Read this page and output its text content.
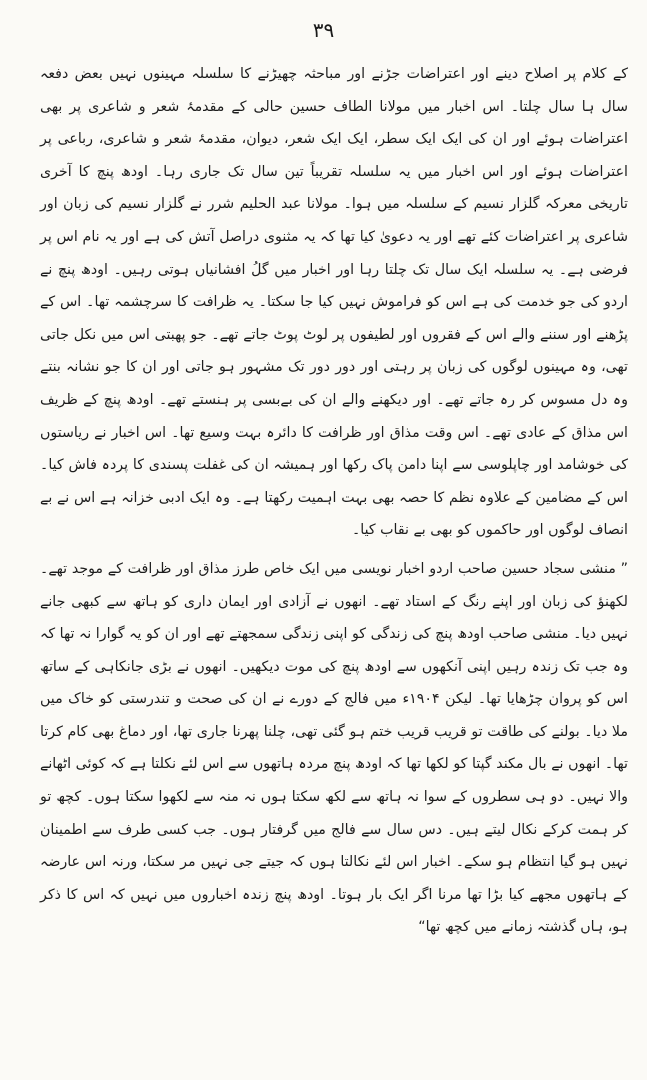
۳۹

کے کلام پر اصلاح دینے اور اعتراضات جڑنے اور مباحثہ چھیڑنے کا سلسلہ مہینوں نہیں بعض دفعہ سال ہا سال چلتا۔ اس اخبار میں مولانا الطاف حسین حالی کے مقدمۂ شعر و شاعری پر بھی اعتراضات ہوئے اور ان کی ایک ایک سطر، ایک ایک شعر، دیوان، مقدمۂ شعر و شاعری، رباعی پر اعتراضات ہوئے اور اس اخبار میں یہ سلسلہ تقریباً تین سال تک جاری رہا۔ اودھ پنچ کا آخری تاریخی معرکہ گلزار نسیم کے سلسلہ میں ہوا۔ مولانا عبد الحلیم شرر نے گلزار نسیم کی زبان اور شاعری پر اعتراضات کئے تھے اور یہ دعویٰ کیا تھا کہ یہ مثنوی دراصل آتش کی ہے اور یہ نام اس پر فرضی ہے۔ یہ سلسلہ ایک سال تک چلتا رہا اور اخبار میں گلُ افشانیاں ہوتی رہیں۔ اودھ پنچ نے اردو کی جو خدمت کی ہے اس کو فراموش نہیں کیا جا سکتا۔ یہ ظرافت کا سرچشمہ تھا۔ اس کے پڑھنے اور سننے والے اس کے فقروں اور لطیفوں پر لوٹ پوٹ جاتے تھے۔ جو پھبتی اس میں نکل جاتی تھی، وہ مہینوں لوگوں کی زبان پر رہتی اور دور دور تک مشہور ہو جاتی اور ان کا جو نشانہ بنتے وہ دل مسوس کر رہ جاتے تھے۔ اور دیکھنے والے ان کی بےبسی پر ہنستے تھے۔ اودھ پنچ کے ظریف اس مذاق کے عادی تھے۔ اس وقت مذاق اور ظرافت کا دائرہ بہت وسیع تھا۔ اس اخبار نے ریاستوں کی خوشامد اور چاپلوسی سے اپنا دامن پاک رکھا اور ہمیشہ ان کی غفلت پسندی کا پردہ فاش کیا۔ اس کے مضامین کے علاوہ نظم کا حصہ بھی بہت اہمیت رکھتا ہے۔ وہ ایک ادبی خزانہ ہے اس نے بے انصاف لوگوں اور حاکموں کو بھی بے نقاب کیا۔

” منشی سجاد حسین صاحب اردو اخبار نویسی میں ایک خاص طرز مذاق اور ظرافت کے موجد تھے۔ لکھنؤ کی زبان اور اپنے رنگ کے استاد تھے۔ انھوں نے آزادی اور ایمان داری کو ہاتھ سے کبھی جانے نہیں دیا۔ منشی صاحب اودھ پنچ کی زندگی کو اپنی زندگی سمجھتے تھے اور ان کو یہ گوارا نہ تھا کہ وہ جب تک زندہ رہیں اپنی آنکھوں سے اودھ پنچ کی موت دیکھیں۔ انھوں نے بڑی جانکاہی کے ساتھ اس کو پروان چڑھایا تھا۔ لیکن ۱۹۰۴ء میں فالج کے دورے نے ان کی صحت و تندرستی کو خاک میں ملا دیا۔ بولنے کی طاقت تو قریب قریب ختم ہو گئی تھی، چلنا پھرنا جاری تھا، اور دماغ بھی کام کرتا تھا۔ انھوں نے بال مکند گپتا کو لکھا تھا کہ اودھ پنچ مردہ ہاتھوں سے اس لئے نکلتا ہے کہ کوئی اٹھانے والا نہیں۔ دو ہی سطروں کے سوا نہ ہاتھ سے لکھ سکتا ہوں نہ منہ سے لکھوا سکتا ہوں۔ کچھ تو کر ہمت کرکے نکال لیتے ہیں۔ دس سال سے فالج میں گرفتار ہوں۔ جب کسی طرف سے اطمینان نہیں ہو گیا انتظام ہو سکے۔ اخبار اس لئے نکالتا ہوں کہ جیتے جی نہیں مر سکتا، ورنہ اس عارضہ کے ہاتھوں مجھے کیا بڑا تھا مرنا اگر ایک بار ہوتا۔ اودھ پنچ زندہ اخباروں میں نہیں کہ اس کا ذکر ہو، ہاں گذشتہ زمانے میں کچھ تھا“
